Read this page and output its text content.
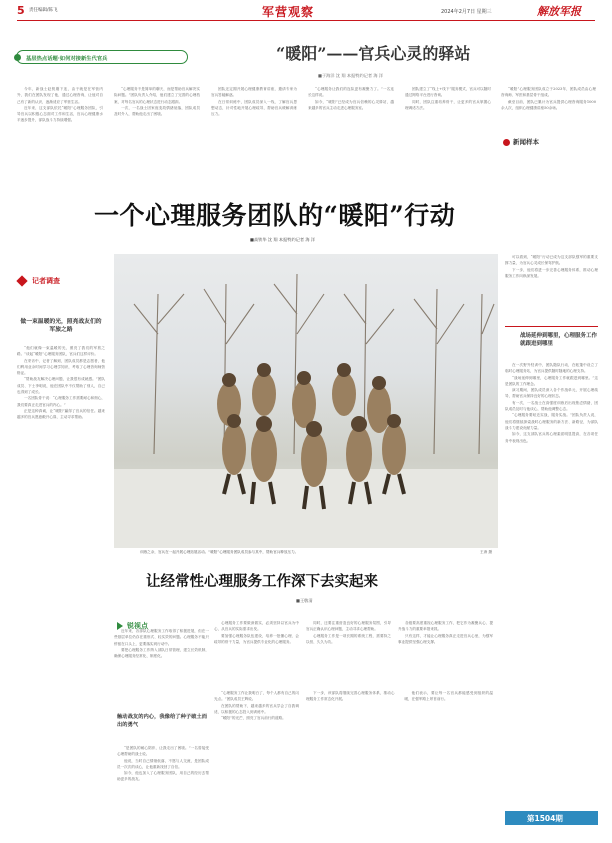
5 责任编辑/陈飞	军营观察	2024年2月7日 星期三	解放军报
基层热点话题·如何对接新生代官兵	“暖阳”——官兵心灵的驿站
■于海洋 沈 翔 本报特约记者 海 洋

今年，新战士赵锐刚下连，由于就是在军营内外，我们在团队发现了他，通过心理咨询，让他对自己有了新的认识，逐渐适应了军营生活。

近年来，这支部队依托“暖阳”心理服务团队，引导官兵以积极心态面对工作和生活，官兵心理健康水平逐步提升，部队战斗力持续增强。

“心理服务不是简单的聊天，而是帮助官兵解决实际问题。”团队负责人介绍，他们建立了完善的心理档案，对每名官兵的心理状态进行动态跟踪。

一次，一名战士因家庭变故情绪低落，团队成员及时介入，帮助他走出了困境。

团队还定期开展心理健康教育讲座，邀请专家为官兵答疑解惑。

在日常训练中，团队成员深入一线，了解官兵思想动态，针对性地开展心理疏导，帮助官兵缓解训练压力。

“心理服务让我们的连队更有凝聚力了。”一名连长这样说。

如今，“暖阳”已经成为官兵信赖的心灵驿站，越来越多的官兵主动走进心理服务室。

团队建立了“线上+线下”服务模式，官兵可以随时通过网络平台进行咨询。

同时，团队注重培养骨干，让更多的官兵掌握心理调适方法。

“暖阳”心理服务团队成立于2023年，团队成员由心理咨询师、军医和基层骨干组成。

截至目前，团队已累计为官兵提供心理咨询服务1000余人次，组织心理健康讲座50余场。

新闻样本
一个心理服务团队的“暖阳”行动
■高铁华 沈 翔 本报特约记者 海 洋
记者调查
做一束温暖的光，照亮战友们的军旅之路

“他们就像一束温暖的光，照亮了我们的军旅之路。”谈起“暖阳”心理服务团队，官兵们这样评价。

在采访中，记者了解到，团队成员都是志愿者，他们利用业余时间学习心理学知识，考取了心理咨询师资格证。

“帮助战友解决心理问题，让我很有成就感。”团队成员、下士李明说，他在团队中不仅帮助了别人，自己也得到了成长。

一名团队骨干说：“心理服务工作需要耐心和细心，我们要真正走进官兵的内心。”

正是这种真诚，让“暖阳”赢得了官兵的信任。越来越多的官兵愿意敞开心扉，主动寻求帮助。

训练之余，官兵在一起开展心理拓展活动。“暖阳”心理服务团队成员参与其中，帮助官兵释放压力。	王涛 摄

可以看到，“暖阳”行动已成为这支部队强军的重要支撑力量，为官兵心灵成长保驾护航。

下一步，他们将进一步完善心理服务体系，推动心理服务工作向纵深发展。

战场延伸到哪里，心理服务工作就跟进到哪里

在一次野外驻训中，团队随队行动，在帐篷中设立了临时心理服务站，为官兵提供随时随地的心理支持。

“战场延伸到哪里，心理服务工作就跟进到哪里。”这是团队的工作理念。

演习期间，团队成员深入各个作战单元，开展心理疏导，帮助官兵保持良好的心理状态。

有一次，一名战士在高强度训练后出现焦虑情绪，团队成员及时与他谈心，帮助他调整心态。

“心理服务要贴近实战，服务实战。”团队负责人说，他们将继续探索战时心理服务的新方法、新路径，为部队战斗力建设贡献力量。

如今，这支部队官兵的心理素质明显提高，在各项任务中表现出色。

让经常性心理服务工作深下去实起来
■王敬清
锐视点

近年来，各部队心理服务工作取得了积极进展，但在一些基层单位仍存在重形式、轻实效的问题。心理服务不能只停留在口头上，更要落实到行动中。

要把心理服务工作纳入部队日常管理，建立长效机制，确保心理服务经常化、制度化。

心理服务工作要做深做实，必须坚持以官兵为中心，从官兵的实际需求出发。

要加强心理服务队伍建设，培养一批懂心理、会疏导的骨干力量，为官兵提供专业化的心理服务。

同时，还要注重营造良好的心理服务氛围，引导官兵正确认识心理问题，主动寻求心理帮助。

心理服务工作是一项长期的系统工程，需要持之以恒、久久为功。

各级要高度重视心理服务工作，把它作为凝聚兵心、提升战斗力的重要举措来抓。

只有这样，才能让心理服务真正走进官兵心里，为强军事业提供坚强心理支撑。

触动战友的内心，我像给了种子破土而出的勇气

“是团队的耐心陪伴，让我走出了困境。”一名曾接受心理帮助的战士说。

他说，当时自己情绪低落，不愿与人交流，是团队成员一次次的谈心，让他重新找回了自信。

如今，他也加入了心理服务团队，用自己的经历去帮助更多的战友。

“心理服务工作让我明白了，每个人都有自己的闪光点。”团队成员王辉说。

在团队的帮助下，越来越多的官兵学会了自我调适，以积极的心态投入到训练中。

“暖阳”的光芒，照亮了官兵前行的道路。

下一步，该部队将继续完善心理服务体系，推动心理服务工作常态化开展。

他们表示，要让每一名官兵都能感受到组织的温暖，在强军路上昂首前行。

第1504期
